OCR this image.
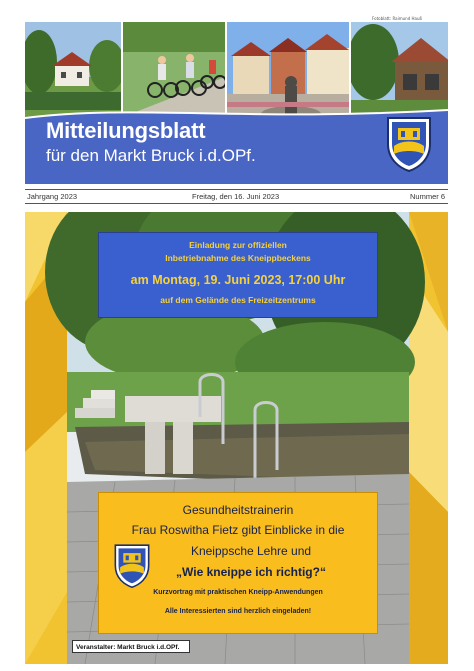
Fotoblatt: Raimund Hauß
Mitteilungsblatt

für den Markt Bruck i.d.OPf.

Jahrgang 2023	Freitag, den 16. Juni 2023	Nummer 6
Einladung zur offiziellen
Inbetriebnahme des Kneippbeckens
am Montag, 19. Juni 2023, 17:00 Uhr
auf dem Gelände des Freizeitzentrums
Gesundheitstrainerin
Frau Roswitha Fietz gibt Einblicke in die
Kneippsche Lehre und
„Wie kneippe ich richtig?“
Kurzvortrag mit praktischen Kneipp-Anwendungen
Alle Interessierten sind herzlich eingeladen!
Veranstalter: Markt Bruck i.d.OPf.
